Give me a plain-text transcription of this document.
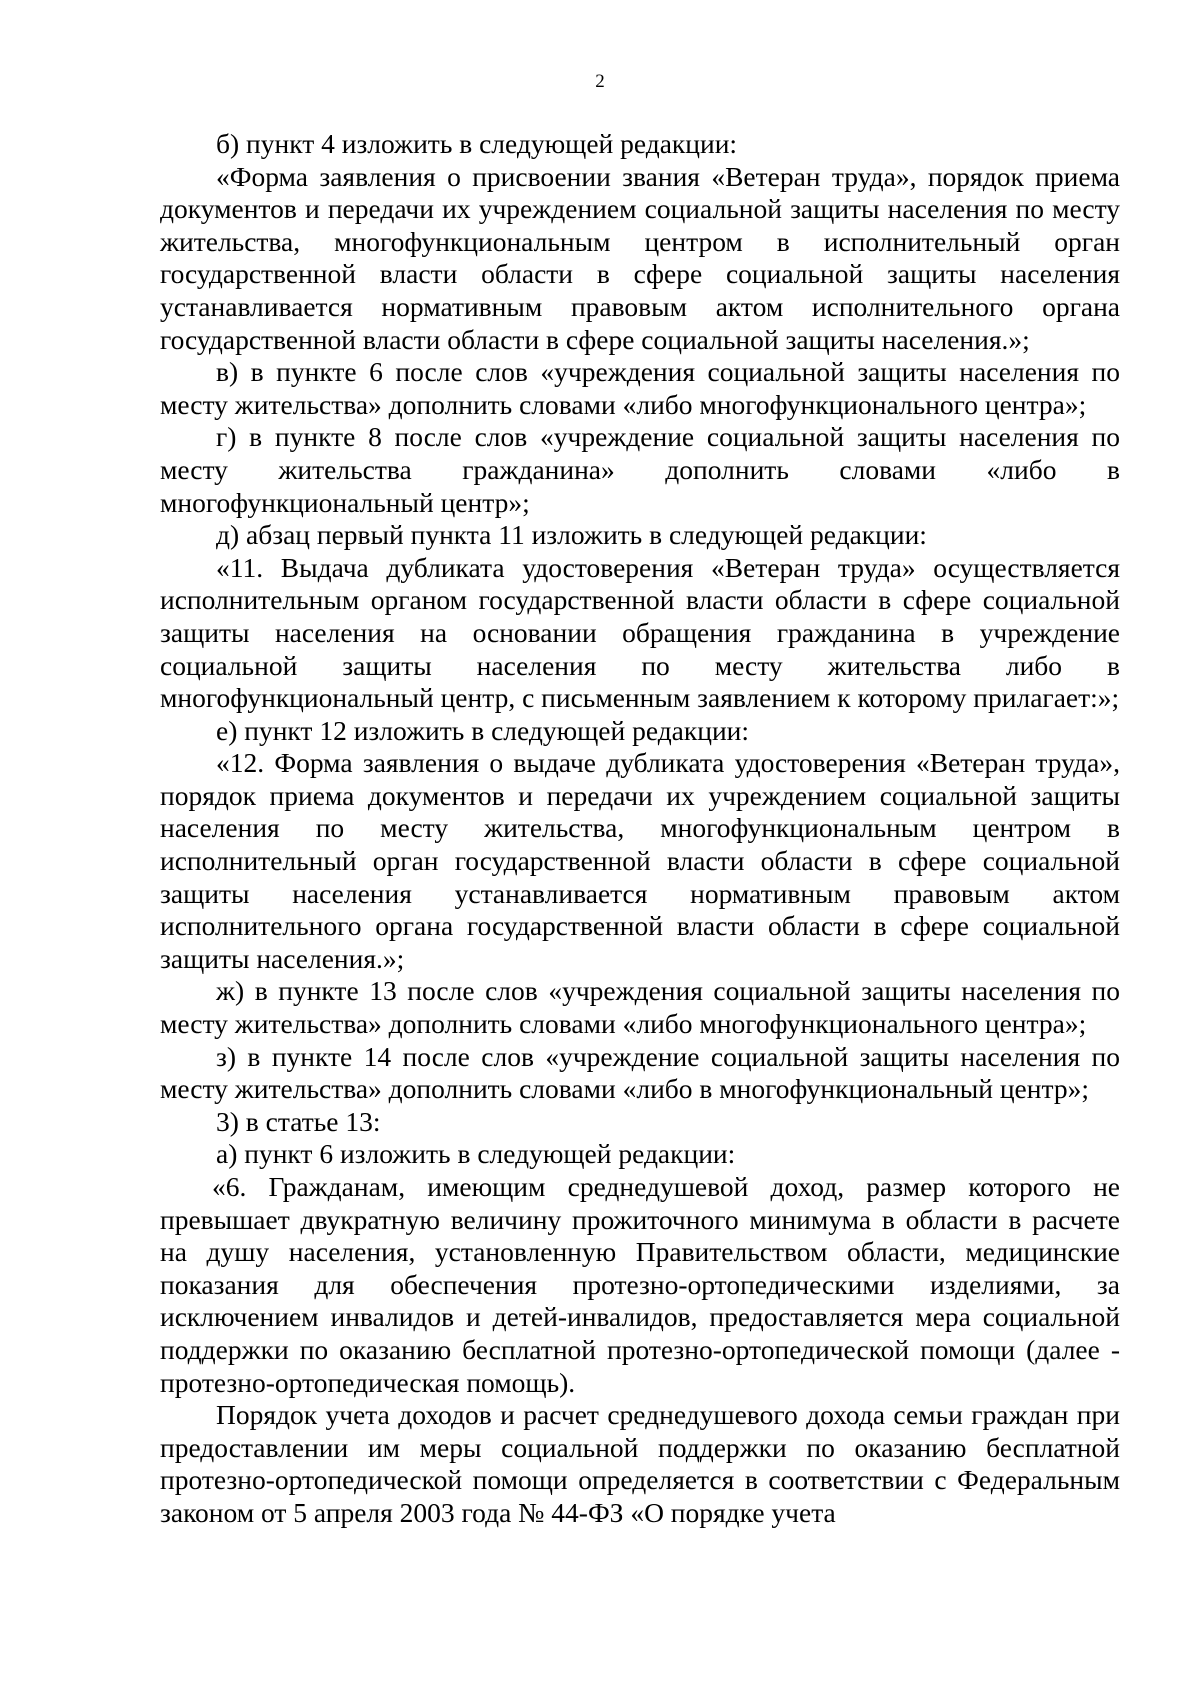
2

б) пункт 4 изложить в следующей редакции:

«Форма заявления о присвоении звания «Ветеран труда», порядок приема документов и передачи их учреждением социальной защиты населения по месту жительства, многофункциональным центром в исполнительный орган государственной власти области в сфере социальной защиты населения устанавливается нормативным правовым актом исполнительного органа государственной власти области в сфере социальной защиты населения.»;

в) в пункте 6 после слов «учреждения социальной защиты населения по месту жительства» дополнить словами «либо многофункционального центра»;

г) в пункте 8 после слов «учреждение социальной защиты населения по месту жительства гражданина» дополнить словами «либо в многофункциональный центр»;

д) абзац первый пункта 11 изложить в следующей редакции:

«11. Выдача дубликата удостоверения «Ветеран труда» осуществляется исполнительным органом государственной власти области в сфере социальной защиты населения на основании обращения гражданина в учреждение социальной защиты населения по месту жительства либо в многофункциональный центр, с письменным заявлением к которому прилагает:»;

е) пункт 12 изложить в следующей редакции:

«12. Форма заявления о выдаче дубликата удостоверения «Ветеран труда», порядок приема документов и передачи их учреждением социальной защиты населения по месту жительства, многофункциональным центром в исполнительный орган государственной власти области в сфере социальной защиты населения устанавливается нормативным правовым актом исполнительного органа государственной власти области в сфере социальной защиты населения.»;

ж) в пункте 13 после слов «учреждения социальной защиты населения по месту жительства» дополнить словами «либо многофункционального центра»;

з) в пункте 14 после слов «учреждение социальной защиты населения по месту жительства» дополнить словами «либо в многофункциональный центр»;

3) в статье 13:

а) пункт 6 изложить в следующей редакции:

«6. Гражданам, имеющим среднедушевой доход, размер которого не превышает двукратную величину прожиточного минимума в области в расчете на душу населения, установленную Правительством области, медицинские показания для обеспечения протезно-ортопедическими изделиями, за исключением инвалидов и детей-инвалидов, предоставляется мера социальной поддержки по оказанию бесплатной протезно-ортопедической помощи (далее - протезно-ортопедическая помощь).

Порядок учета доходов и расчет среднедушевого дохода семьи граждан при предоставлении им меры социальной поддержки по оказанию бесплатной протезно-ортопедической помощи определяется в соответствии с Федеральным законом от 5 апреля 2003 года № 44-ФЗ «О порядке учета
